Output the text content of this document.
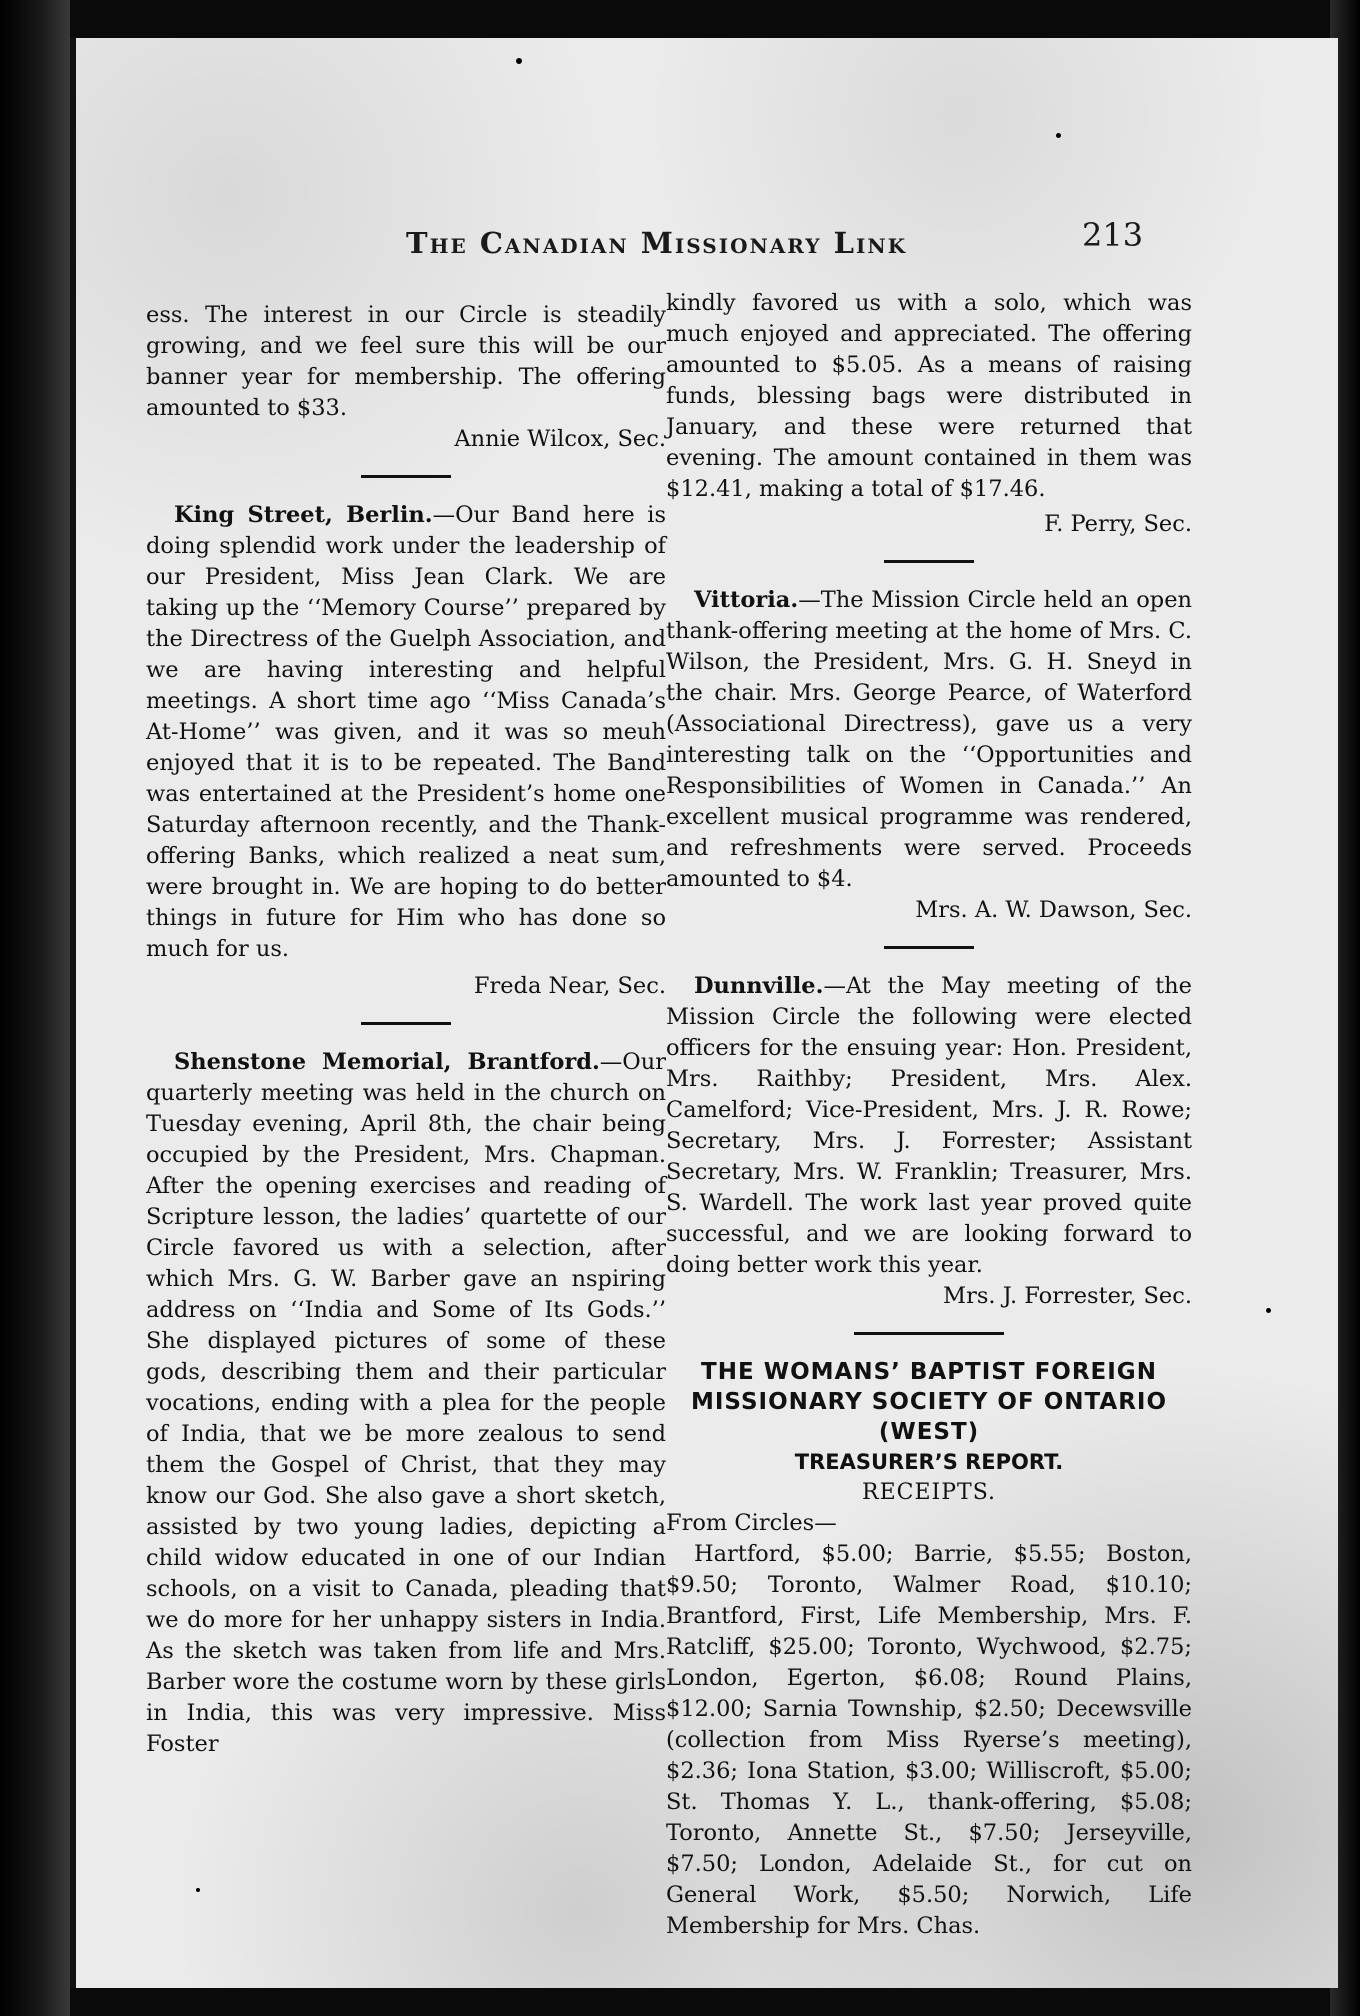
The Canadian Missionary Link	213

ess. The interest in our Circle is steadily growing, and we feel sure this will be our banner year for membership. The offering amounted to $33.

Annie Wilcox, Sec.

King Street, Berlin.—Our Band here is doing splendid work under the leadership of our President, Miss Jean Clark. We are taking up the ‘‘Memory Course’’ prepared by the Directress of the Guelph Association, and we are having interesting and helpful meetings. A short time ago ‘‘Miss Canada’s At-Home’’ was given, and it was so meuh enjoyed that it is to be repeated. The Band was entertained at the President’s home one Saturday afternoon recently, and the Thank-offering Banks, which realized a neat sum, were brought in. We are hoping to do better things in future for Him who has done so much for us.

Freda Near, Sec.

Shenstone Memorial, Brantford.—Our quarterly meeting was held in the church on Tuesday evening, April 8th, the chair being occupied by the President, Mrs. Chapman. After the opening exercises and reading of Scripture lesson, the ladies’ quartette of our Circle favored us with a selection, after which Mrs. G. W. Barber gave an nspiring address on ‘‘India and Some of Its Gods.’’ She displayed pictures of some of these gods, describing them and their particular vocations, ending with a plea for the people of India, that we be more zealous to send them the Gospel of Christ, that they may know our God. She also gave a short sketch, assisted by two young ladies, depicting a child widow educated in one of our Indian schools, on a visit to Canada, pleading that we do more for her unhappy sisters in India. As the sketch was taken from life and Mrs. Barber wore the costume worn by these girls in India, this was very impressive. Miss Foster

kindly favored us with a solo, which was much enjoyed and appreciated. The offering amounted to $5.05. As a means of raising funds, blessing bags were distributed in January, and these were returned that evening. The amount contained in them was $12.41, making a total of $17.46.

F. Perry, Sec.

Vittoria.—The Mission Circle held an open thank-offering meeting at the home of Mrs. C. Wilson, the President, Mrs. G. H. Sneyd in the chair. Mrs. George Pearce, of Waterford (Associational Directress), gave us a very interesting talk on the ‘‘Opportunities and Responsibilities of Women in Canada.’’ An excellent musical programme was rendered, and refreshments were served. Proceeds amounted to $4.

Mrs. A. W. Dawson, Sec.

Dunnville.—At the May meeting of the Mission Circle the following were elected officers for the ensuing year: Hon. President, Mrs. Raithby; President, Mrs. Alex. Camelford; Vice-President, Mrs. J. R. Rowe; Secretary, Mrs. J. Forrester; Assistant Secretary, Mrs. W. Franklin; Treasurer, Mrs. S. Wardell. The work last year proved quite successful, and we are looking forward to doing better work this year.

Mrs. J. Forrester, Sec.

THE WOMANS’ BAPTIST FOREIGN

MISSIONARY SOCIETY OF ONTARIO

(WEST)

TREASURER’S REPORT.

RECEIPTS.

From Circles—

Hartford, $5.00; Barrie, $5.55; Boston, $9.50; Toronto, Walmer Road, $10.10; Brantford, First, Life Membership, Mrs. F. Ratcliff, $25.00; Toronto, Wychwood, $2.75; London, Egerton, $6.08; Round Plains, $12.00; Sarnia Township, $2.50; Decewsville (collection from Miss Ryerse’s meeting), $2.36; Iona Station, $3.00; Williscroft, $5.00; St. Thomas Y. L., thank-offering, $5.08; Toronto, Annette St., $7.50; Jerseyville, $7.50; London, Adelaide St., for cut on General Work, $5.50; Norwich, Life Membership for Mrs. Chas.
